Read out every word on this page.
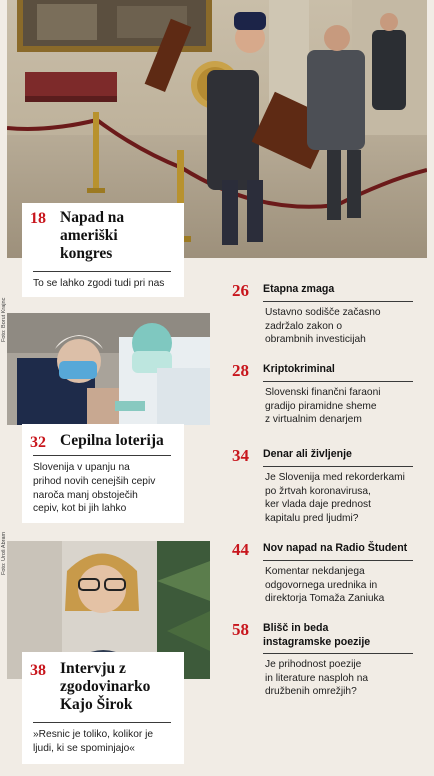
18 Napad na
ameriški
kongres
To se lahko zgodi tudi pri nas
Foto: Borut Krajnc
32 Cepilna loterija
Slovenija v upanju na
prihod novih cenejših cepiv
naroča manj obstoječih
cepiv, kot bi jih lahko
Foto: Uroš Abram
38 Intervju z
zgodovinarko
Kajo Širok
»Resnic je toliko, kolikor je
ljudi, ki se spominjajo«
26 Etapna zmaga
Ustavno sodišče začasno
zadržalo zakon o
obrambnih investicijah
28 Kriptokriminal
Slovenski finančni faraoni
gradijo piramidne sheme
z virtualnim denarjem
34 Denar ali življenje
Je Slovenija med rekorderkami
po žrtvah koronavirusa,
ker vlada daje prednost
kapitalu pred ljudmi?
44 Nov napad na Radio Študent
Komentar nekdanjega
odgovornega urednika in
direktorja Tomaža Zaniuka
58 Blišč in beda
instagramske poezije
Je prihodnost poezije
in literature nasploh na
družbenih omrežjih?
